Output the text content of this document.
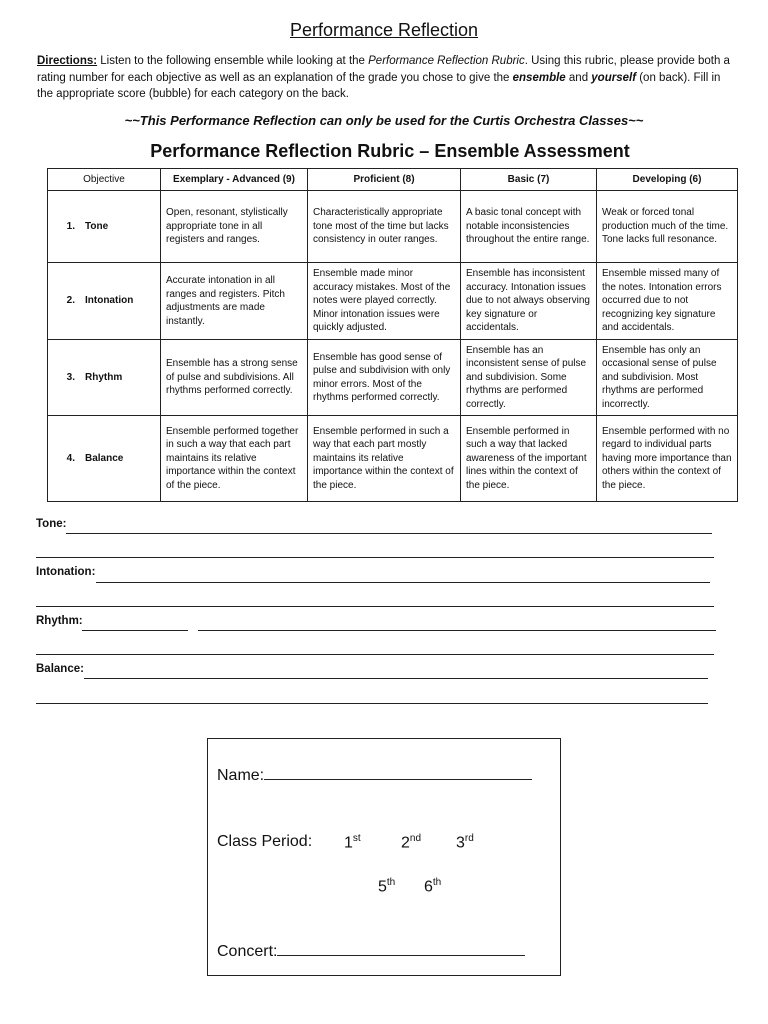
Performance Reflection
Directions: Listen to the following ensemble while looking at the Performance Reflection Rubric. Using this rubric, please provide both a rating number for each objective as well as an explanation of the grade you chose to give the ensemble and yourself (on back). Fill in the appropriate score (bubble) for each category on the back.
~~This Performance Reflection can only be used for the Curtis Orchestra Classes~~
Performance Reflection Rubric – Ensemble Assessment
Objective	Exemplary - Advanced (9)	Proficient (8)	Basic (7)	Developing (6)
1. Tone	Open, resonant, stylistically appropriate tone in all registers and ranges.	Characteristically appropriate tone most of the time but lacks consistency in outer ranges.	A basic tonal concept with notable inconsistencies throughout the entire range.	Weak or forced tonal production much of the time. Tone lacks full resonance.
2. Intonation	Accurate intonation in all ranges and registers. Pitch adjustments are made instantly.	Ensemble made minor accuracy mistakes. Most of the notes were played correctly. Minor intonation issues were quickly adjusted.	Ensemble has inconsistent accuracy. Intonation issues due to not always observing key signature or accidentals.	Ensemble missed many of the notes. Intonation errors occurred due to not recognizing key signature and accidentals.
3. Rhythm	Ensemble has a strong sense of pulse and subdivisions. All rhythms performed correctly.	Ensemble has good sense of pulse and subdivision with only minor errors. Most of the rhythms performed correctly.	Ensemble has an inconsistent sense of pulse and subdivision. Some rhythms are performed correctly.	Ensemble has only an occasional sense of pulse and subdivision. Most rhythms are performed incorrectly.
4. Balance	Ensemble performed together in such a way that each part maintains its relative importance within the context of the piece.	Ensemble performed in such a way that each part mostly maintains its relative importance within the context of the piece.	Ensemble performed in such a way that lacked awareness of the important lines within the context of the piece.	Ensemble performed with no regard to individual parts having more importance than others within the context of the piece.
Tone:
Intonation:
Rhythm:
Balance:
Name:
Class Period: 1st	2nd 3rd
5th 6th
Concert:
